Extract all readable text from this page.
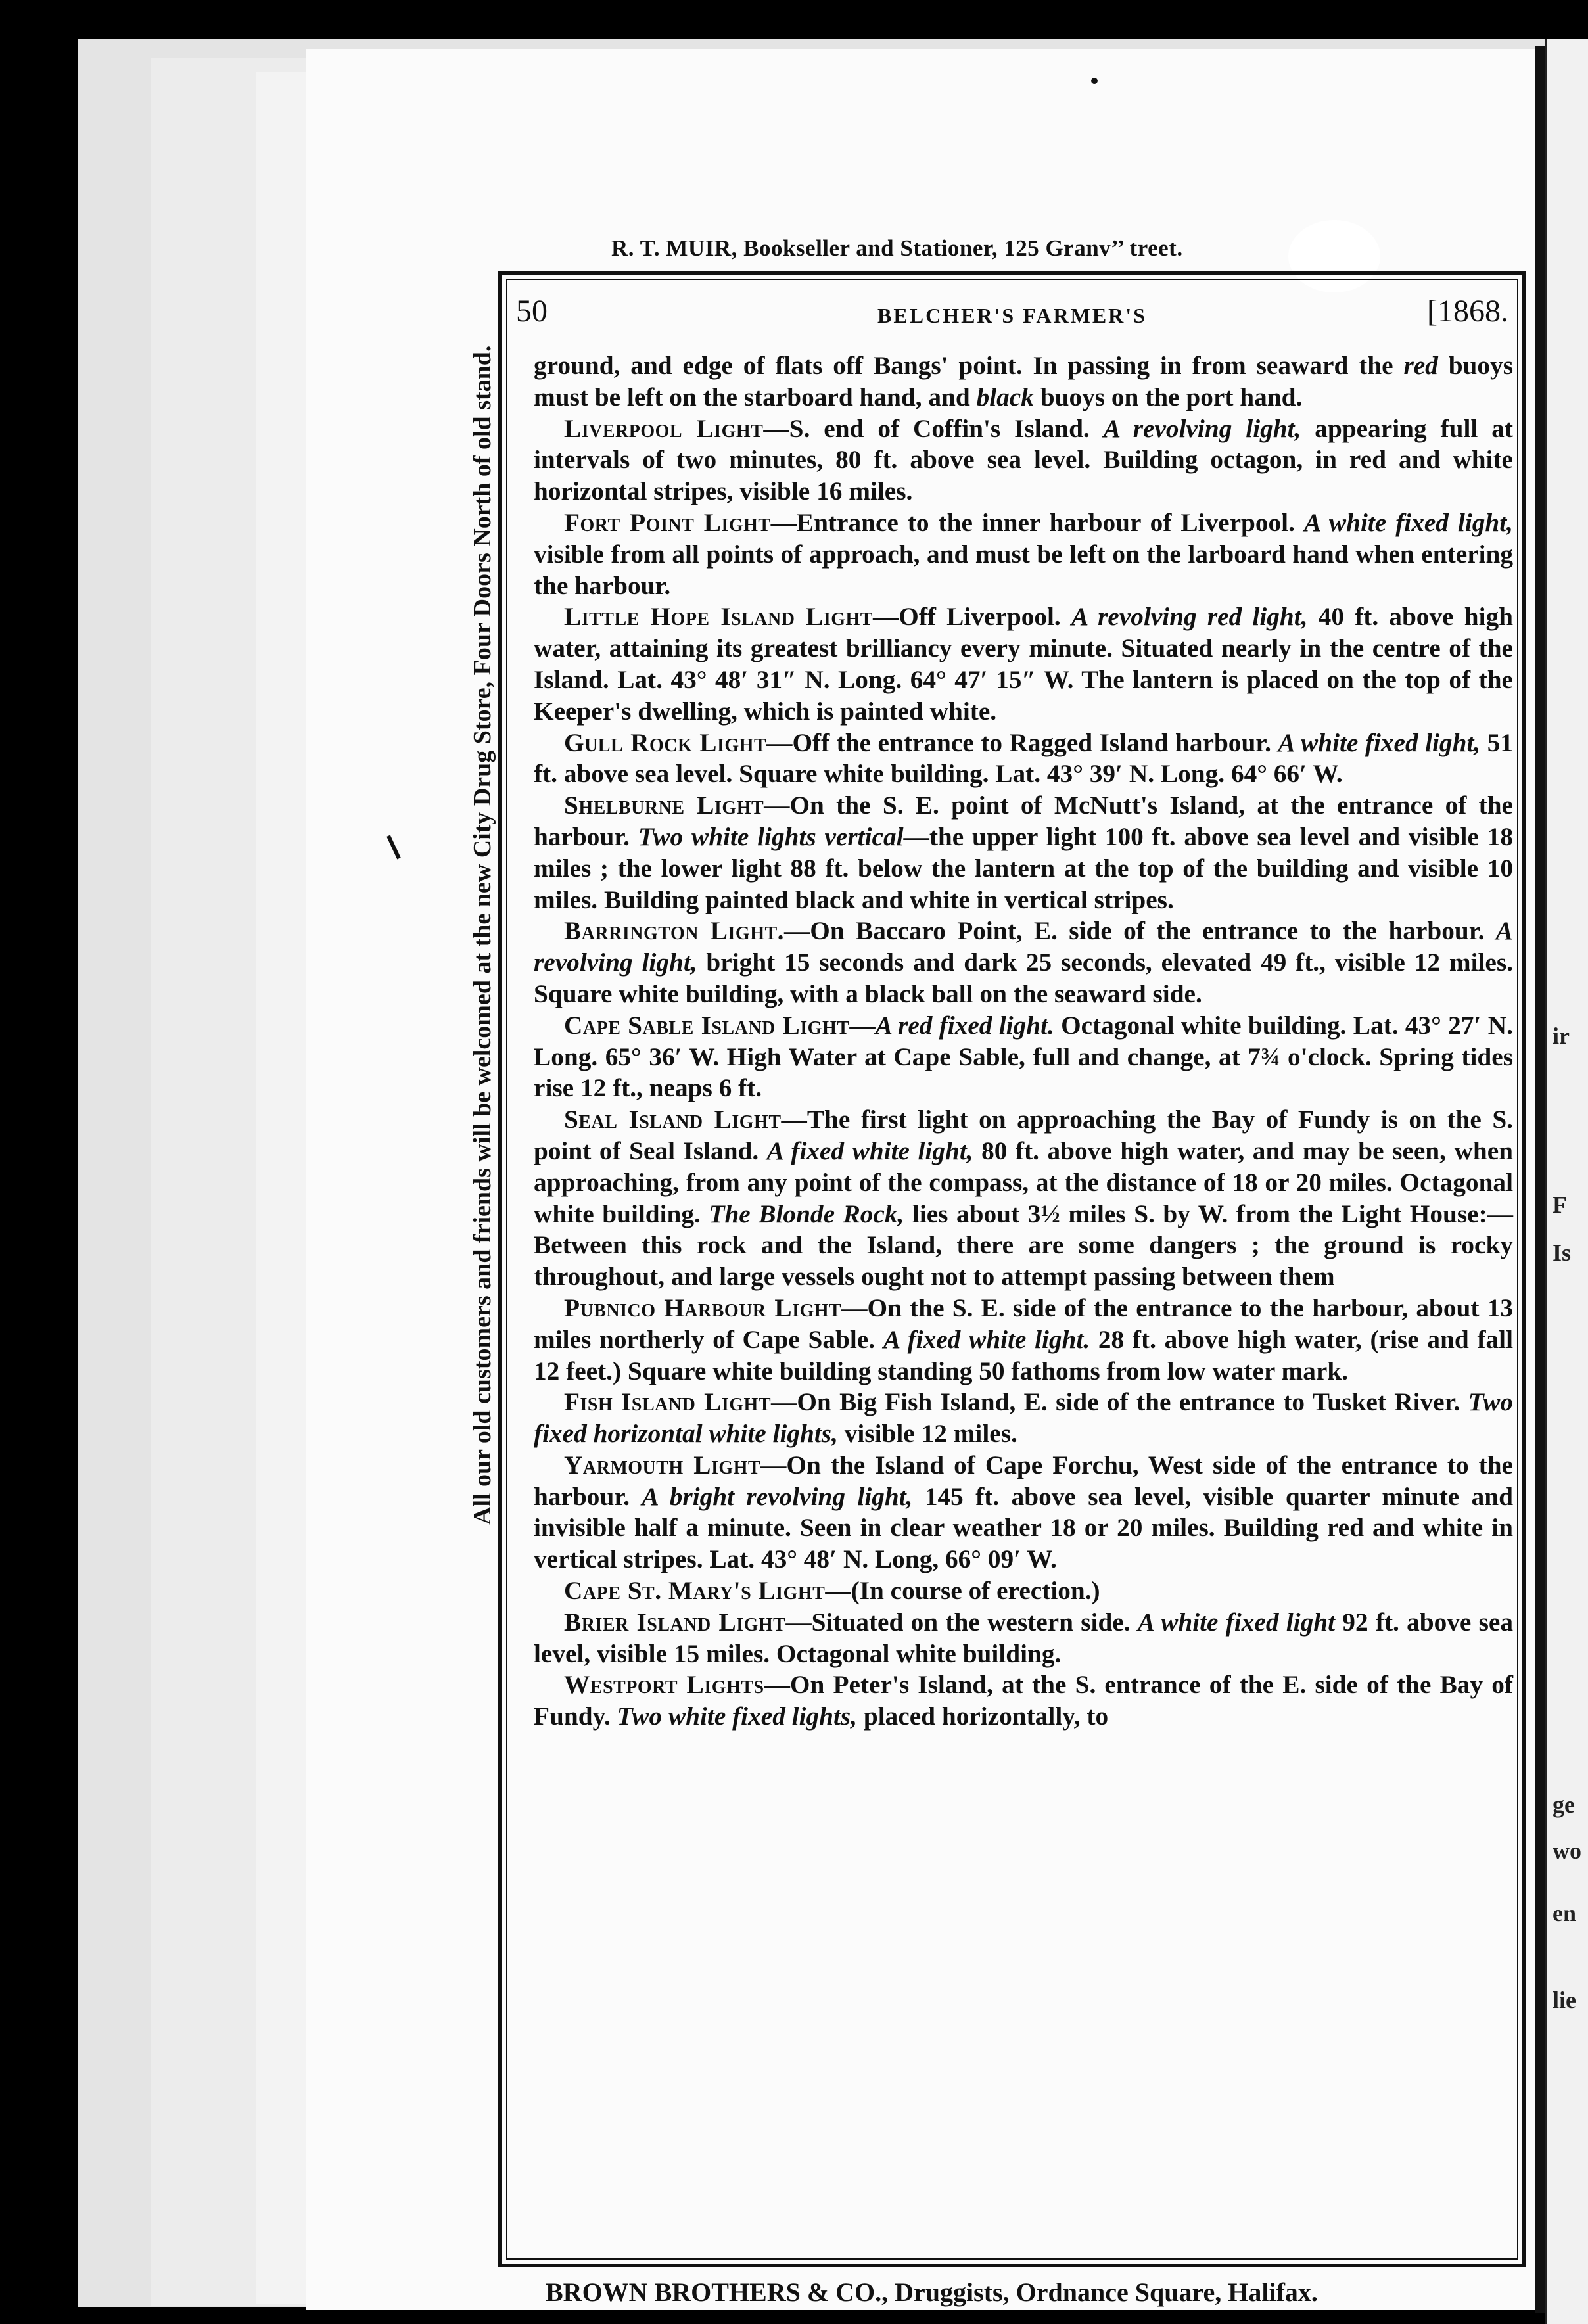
R. T. MUIR, Bookseller and Stationer, 125 Granv’’ treet.
All our old customers and friends will be welcomed at the new City Drug Store, Four Doors North of old stand.
50	BELCHER'S FARMER'S	[1868.

ground, and edge of flats off Bangs' point. In passing in from seaward the red buoys must be left on the starboard hand, and black buoys on the port hand.

Liverpool Light—S. end of Coffin's Island. A revolving light, appearing full at intervals of two minutes, 80 ft. above sea level. Building octagon, in red and white horizontal stripes, visible 16 miles.

Fort Point Light—Entrance to the inner harbour of Liverpool. A white fixed light, visible from all points of approach, and must be left on the larboard hand when entering the harbour.

Little Hope Island Light—Off Liverpool. A revolving red light, 40 ft. above high water, attaining its greatest brilliancy every minute. Situated nearly in the centre of the Island. Lat. 43° 48′ 31″ N. Long. 64° 47′ 15″ W. The lantern is placed on the top of the Keeper's dwelling, which is painted white.

Gull Rock Light—Off the entrance to Ragged Island harbour. A white fixed light, 51 ft. above sea level. Square white building. Lat. 43° 39′ N. Long. 64° 66′ W.

Shelburne Light—On the S. E. point of McNutt's Island, at the entrance of the harbour. Two white lights vertical—the upper light 100 ft. above sea level and visible 18 miles ; the lower light 88 ft. below the lantern at the top of the building and visible 10 miles. Building painted black and white in vertical stripes.

Barrington Light.—On Baccaro Point, E. side of the entrance to the harbour. A revolving light, bright 15 seconds and dark 25 seconds, elevated 49 ft., visible 12 miles. Square white building, with a black ball on the seaward side.

Cape Sable Island Light—A red fixed light. Octagonal white building. Lat. 43° 27′ N. Long. 65° 36′ W. High Water at Cape Sable, full and change, at 7¾ o'clock. Spring tides rise 12 ft., neaps 6 ft.

Seal Island Light—The first light on approaching the Bay of Fundy is on the S. point of Seal Island. A fixed white light, 80 ft. above high water, and may be seen, when approaching, from any point of the compass, at the distance of 18 or 20 miles. Octagonal white building. The Blonde Rock, lies about 3½ miles S. by W. from the Light House:—Between this rock and the Island, there are some dangers ; the ground is rocky throughout, and large vessels ought not to attempt passing between them

Pubnico Harbour Light—On the S. E. side of the entrance to the harbour, about 13 miles northerly of Cape Sable. A fixed white light. 28 ft. above high water, (rise and fall 12 feet.) Square white building standing 50 fathoms from low water mark.

Fish Island Light—On Big Fish Island, E. side of the entrance to Tusket River. Two fixed horizontal white lights, visible 12 miles.

Yarmouth Light—On the Island of Cape Forchu, West side of the entrance to the harbour. A bright revolving light, 145 ft. above sea level, visible quarter minute and invisible half a minute. Seen in clear weather 18 or 20 miles. Building red and white in vertical stripes. Lat. 43° 48′ N. Long, 66° 09′ W.

Cape St. Mary's Light—(In course of erection.)

Brier Island Light—Situated on the western side. A white fixed light 92 ft. above sea level, visible 15 miles. Octagonal white building.

Westport Lights—On Peter's Island, at the S. entrance of the E. side of the Bay of Fundy. Two white fixed lights, placed horizontally, to

BROWN BROTHERS & CO., Druggists, Ordnance Square, Halifax.
ir
F
Is
ge
wo
en
lie
